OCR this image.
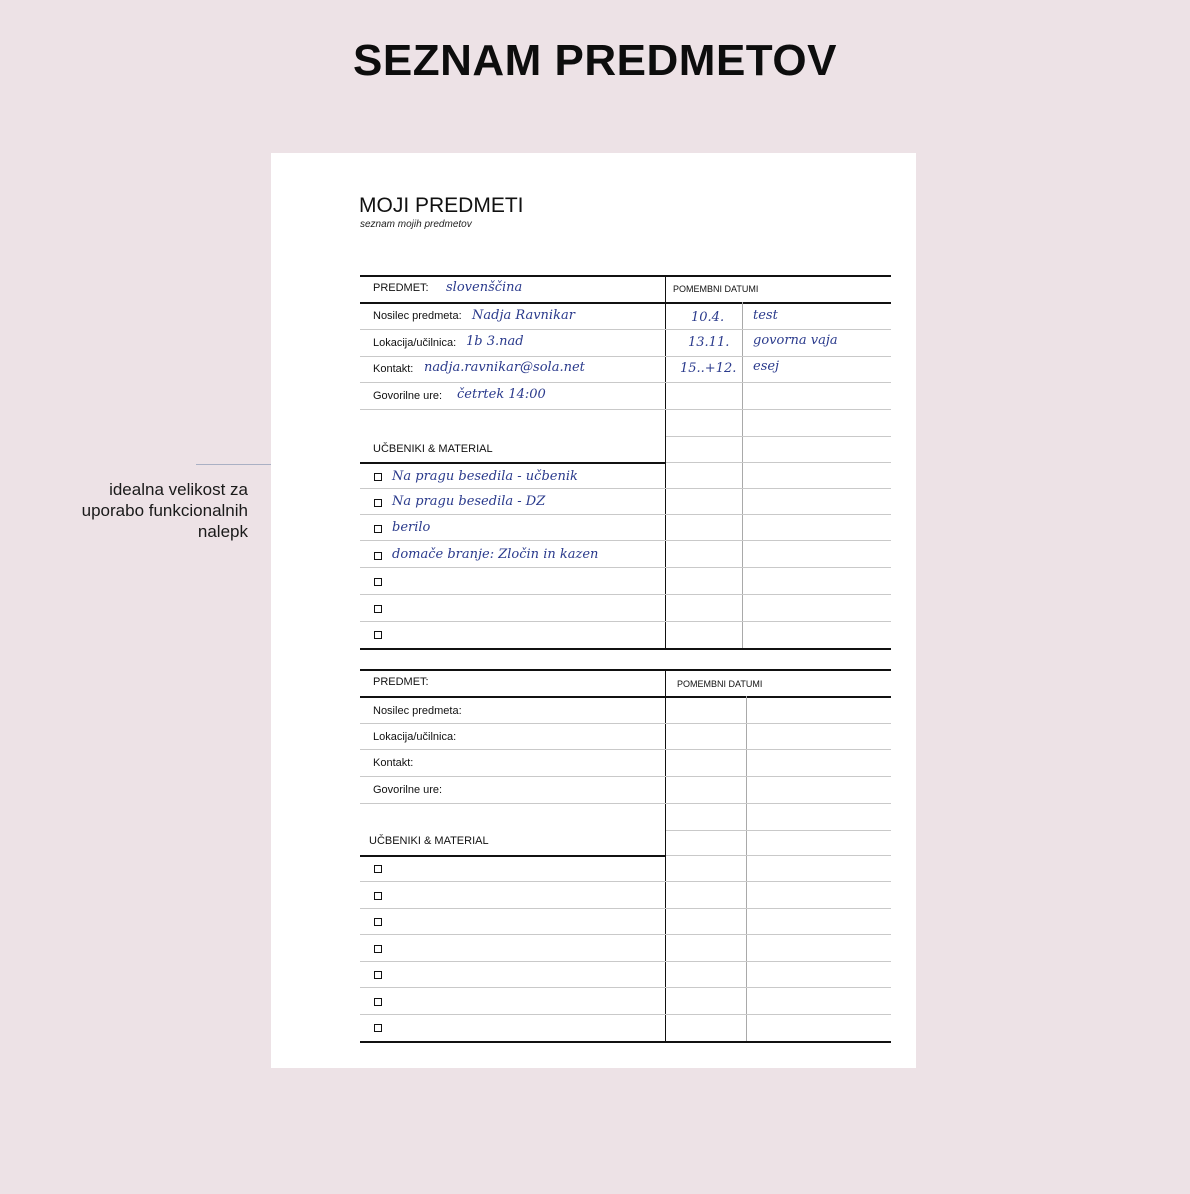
SEZNAM PREDMETOV
idealna velikost za
uporabo funkcionalnih
nalepk
MOJI PREDMETI
seznam mojih predmetov
PREDMET: slovenščina	POMEMBNI DATUMI
Nosilec predmeta: Nadja Ravnikar
Lokacija/učilnica: 1b 3.nad
Kontakt: nadja.ravnikar@sola.net
Govorilne ure: četrtek 14:00
UČBENIKI & MATERIAL
10.4. test
13.11. govorna vaja
15..+12. esej
Na pragu besedila - učbenik
Na pragu besedila - DZ
berilo
domače branje: Zločin in kazen
PREDMET:	POMEMBNI DATUMI
Nosilec predmeta:
Lokacija/učilnica:
Kontakt:
Govorilne ure:
UČBENIKI & MATERIAL
